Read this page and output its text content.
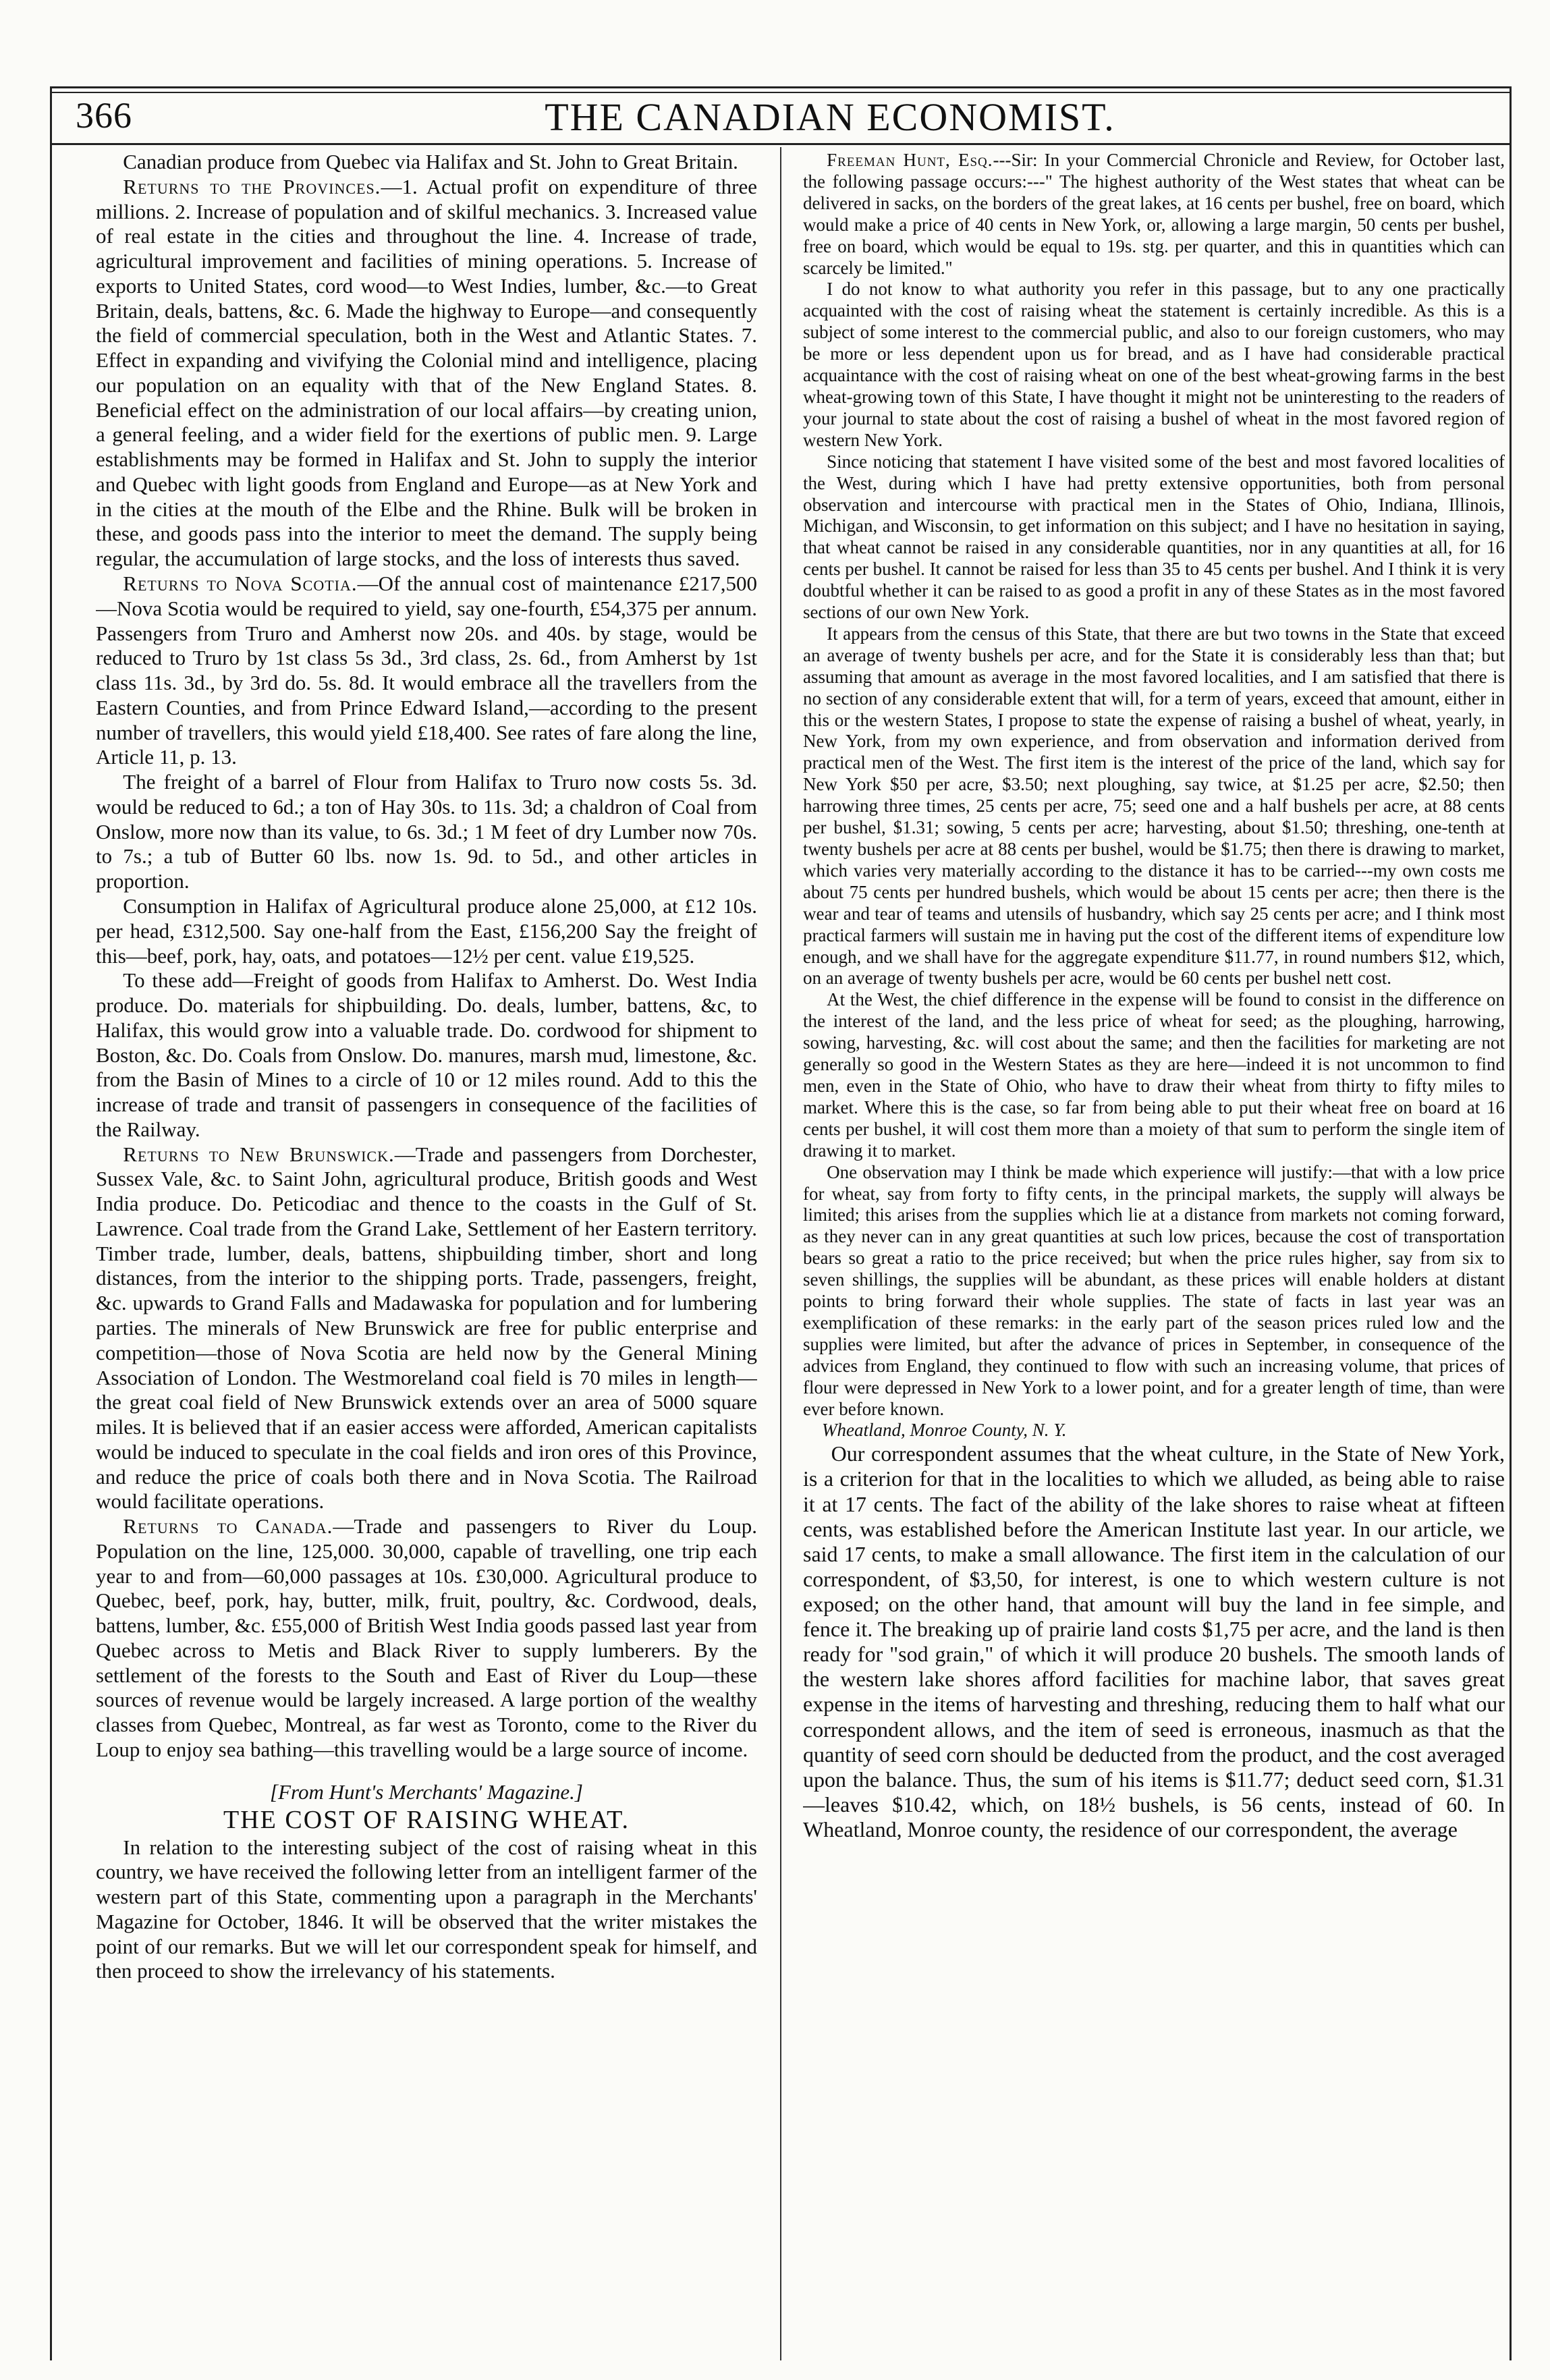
366	THE CANADIAN ECONOMIST.

Canadian produce from Quebec via Halifax and St. John to Great Britain.

Returns to the Provinces.—1. Actual profit on expenditure of three millions. 2. Increase of population and of skilful mechanics. 3. Increased value of real estate in the cities and throughout the line. 4. Increase of trade, agricultural improvement and facilities of mining operations. 5. Increase of exports to United States, cord wood—to West Indies, lumber, &c.—to Great Britain, deals, battens, &c. 6. Made the highway to Europe—and consequently the field of commercial speculation, both in the West and Atlantic States. 7. Effect in expanding and vivifying the Colonial mind and intelligence, placing our population on an equality with that of the New England States. 8. Beneficial effect on the administration of our local affairs—by creating union, a general feeling, and a wider field for the exertions of public men. 9. Large establishments may be formed in Halifax and St. John to supply the interior and Quebec with light goods from England and Europe—as at New York and in the cities at the mouth of the Elbe and the Rhine. Bulk will be broken in these, and goods pass into the interior to meet the demand. The supply being regular, the accumulation of large stocks, and the loss of interests thus saved.

Returns to Nova Scotia.—Of the annual cost of maintenance £217,500—Nova Scotia would be required to yield, say one-fourth, £54,375 per annum. Passengers from Truro and Amherst now 20s. and 40s. by stage, would be reduced to Truro by 1st class 5s 3d., 3rd class, 2s. 6d., from Amherst by 1st class 11s. 3d., by 3rd do. 5s. 8d. It would embrace all the travellers from the Eastern Counties, and from Prince Edward Island,—according to the present number of travellers, this would yield £18,400. See rates of fare along the line, Article 11, p. 13.

The freight of a barrel of Flour from Halifax to Truro now costs 5s. 3d. would be reduced to 6d.; a ton of Hay 30s. to 11s. 3d; a chaldron of Coal from Onslow, more now than its value, to 6s. 3d.; 1 M feet of dry Lumber now 70s. to 7s.; a tub of Butter 60 lbs. now 1s. 9d. to 5d., and other articles in proportion.

Consumption in Halifax of Agricultural produce alone 25,000, at £12 10s. per head, £312,500. Say one-half from the East, £156,200 Say the freight of this—beef, pork, hay, oats, and potatoes—12½ per cent. value £19,525.

To these add—Freight of goods from Halifax to Amherst. Do. West India produce. Do. materials for shipbuilding. Do. deals, lumber, battens, &c, to Halifax, this would grow into a valuable trade. Do. cordwood for shipment to Boston, &c. Do. Coals from Onslow. Do. manures, marsh mud, limestone, &c. from the Basin of Mines to a circle of 10 or 12 miles round. Add to this the increase of trade and transit of passengers in consequence of the facilities of the Railway.

Returns to New Brunswick.—Trade and passengers from Dorchester, Sussex Vale, &c. to Saint John, agricultural produce, British goods and West India produce. Do. Peticodiac and thence to the coasts in the Gulf of St. Lawrence. Coal trade from the Grand Lake, Settlement of her Eastern territory. Timber trade, lumber, deals, battens, shipbuilding timber, short and long distances, from the interior to the shipping ports. Trade, passengers, freight, &c. upwards to Grand Falls and Madawaska for population and for lumbering parties. The minerals of New Brunswick are free for public enterprise and competition—those of Nova Scotia are held now by the General Mining Association of London. The Westmoreland coal field is 70 miles in length—the great coal field of New Brunswick extends over an area of 5000 square miles. It is believed that if an easier access were afforded, American capitalists would be induced to speculate in the coal fields and iron ores of this Province, and reduce the price of coals both there and in Nova Scotia. The Railroad would facilitate operations.

Returns to Canada.—Trade and passengers to River du Loup. Population on the line, 125,000. 30,000, capable of travelling, one trip each year to and from—60,000 passages at 10s. £30,000. Agricultural produce to Quebec, beef, pork, hay, butter, milk, fruit, poultry, &c. Cordwood, deals, battens, lumber, &c. £55,000 of British West India goods passed last year from Quebec across to Metis and Black River to supply lumberers. By the settlement of the forests to the South and East of River du Loup—these sources of revenue would be largely increased. A large portion of the wealthy classes from Quebec, Montreal, as far west as Toronto, come to the River du Loup to enjoy sea bathing—this travelling would be a large source of income.

[From Hunt's Merchants' Magazine.]

THE COST OF RAISING WHEAT.

In relation to the interesting subject of the cost of raising wheat in this country, we have received the following letter from an intelligent farmer of the western part of this State, commenting upon a paragraph in the Merchants' Magazine for October, 1846. It will be observed that the writer mistakes the point of our remarks. But we will let our correspondent speak for himself, and then proceed to show the irrelevancy of his statements.

Freeman Hunt, Esq.---Sir: In your Commercial Chronicle and Review, for October last, the following passage occurs:---" The highest authority of the West states that wheat can be delivered in sacks, on the borders of the great lakes, at 16 cents per bushel, free on board, which would make a price of 40 cents in New York, or, allowing a large margin, 50 cents per bushel, free on board, which would be equal to 19s. stg. per quarter, and this in quantities which can scarcely be limited."

I do not know to what authority you refer in this passage, but to any one practically acquainted with the cost of raising wheat the statement is certainly incredible. As this is a subject of some interest to the commercial public, and also to our foreign customers, who may be more or less dependent upon us for bread, and as I have had considerable practical acquaintance with the cost of raising wheat on one of the best wheat-growing farms in the best wheat-growing town of this State, I have thought it might not be uninteresting to the readers of your journal to state about the cost of raising a bushel of wheat in the most favored region of western New York.

Since noticing that statement I have visited some of the best and most favored localities of the West, during which I have had pretty extensive opportunities, both from personal observation and intercourse with practical men in the States of Ohio, Indiana, Illinois, Michigan, and Wisconsin, to get information on this subject; and I have no hesitation in saying, that wheat cannot be raised in any considerable quantities, nor in any quantities at all, for 16 cents per bushel. It cannot be raised for less than 35 to 45 cents per bushel. And I think it is very doubtful whether it can be raised to as good a profit in any of these States as in the most favored sections of our own New York.

It appears from the census of this State, that there are but two towns in the State that exceed an average of twenty bushels per acre, and for the State it is considerably less than that; but assuming that amount as average in the most favored localities, and I am satisfied that there is no section of any considerable extent that will, for a term of years, exceed that amount, either in this or the western States, I propose to state the expense of raising a bushel of wheat, yearly, in New York, from my own experience, and from observation and information derived from practical men of the West. The first item is the interest of the price of the land, which say for New York $50 per acre, $3.50; next ploughing, say twice, at $1.25 per acre, $2.50; then harrowing three times, 25 cents per acre, 75; seed one and a half bushels per acre, at 88 cents per bushel, $1.31; sowing, 5 cents per acre; harvesting, about $1.50; threshing, one-tenth at twenty bushels per acre at 88 cents per bushel, would be $1.75; then there is drawing to market, which varies very materially according to the distance it has to be carried---my own costs me about 75 cents per hundred bushels, which would be about 15 cents per acre; then there is the wear and tear of teams and utensils of husbandry, which say 25 cents per acre; and I think most practical farmers will sustain me in having put the cost of the different items of expenditure low enough, and we shall have for the aggregate expenditure $11.77, in round numbers $12, which, on an average of twenty bushels per acre, would be 60 cents per bushel nett cost.

At the West, the chief difference in the expense will be found to consist in the difference on the interest of the land, and the less price of wheat for seed; as the ploughing, harrowing, sowing, harvesting, &c. will cost about the same; and then the facilities for marketing are not generally so good in the Western States as they are here—indeed it is not uncommon to find men, even in the State of Ohio, who have to draw their wheat from thirty to fifty miles to market. Where this is the case, so far from being able to put their wheat free on board at 16 cents per bushel, it will cost them more than a moiety of that sum to perform the single item of drawing it to market.

One observation may I think be made which experience will justify:—that with a low price for wheat, say from forty to fifty cents, in the principal markets, the supply will always be limited; this arises from the supplies which lie at a distance from markets not coming forward, as they never can in any great quantities at such low prices, because the cost of transportation bears so great a ratio to the price received; but when the price rules higher, say from six to seven shillings, the supplies will be abundant, as these prices will enable holders at distant points to bring forward their whole supplies. The state of facts in last year was an exemplification of these remarks: in the early part of the season prices ruled low and the supplies were limited, but after the advance of prices in September, in consequence of the advices from England, they continued to flow with such an increasing volume, that prices of flour were depressed in New York to a lower point, and for a greater length of time, than were ever before known.

Wheatland, Monroe County, N. Y.

Our correspondent assumes that the wheat culture, in the State of New York, is a criterion for that in the localities to which we alluded, as being able to raise it at 17 cents. The fact of the ability of the lake shores to raise wheat at fifteen cents, was established before the American Institute last year. In our article, we said 17 cents, to make a small allowance. The first item in the calculation of our correspondent, of $3,50, for interest, is one to which western culture is not exposed; on the other hand, that amount will buy the land in fee simple, and fence it. The breaking up of prairie land costs $1,75 per acre, and the land is then ready for "sod grain," of which it will produce 20 bushels. The smooth lands of the western lake shores afford facilities for machine labor, that saves great expense in the items of harvesting and threshing, reducing them to half what our correspondent allows, and the item of seed is erroneous, inasmuch as that the quantity of seed corn should be deducted from the product, and the cost averaged upon the balance. Thus, the sum of his items is $11.77; deduct seed corn, $1.31—leaves $10.42, which, on 18½ bushels, is 56 cents, instead of 60. In Wheatland, Monroe county, the residence of our correspondent, the average
